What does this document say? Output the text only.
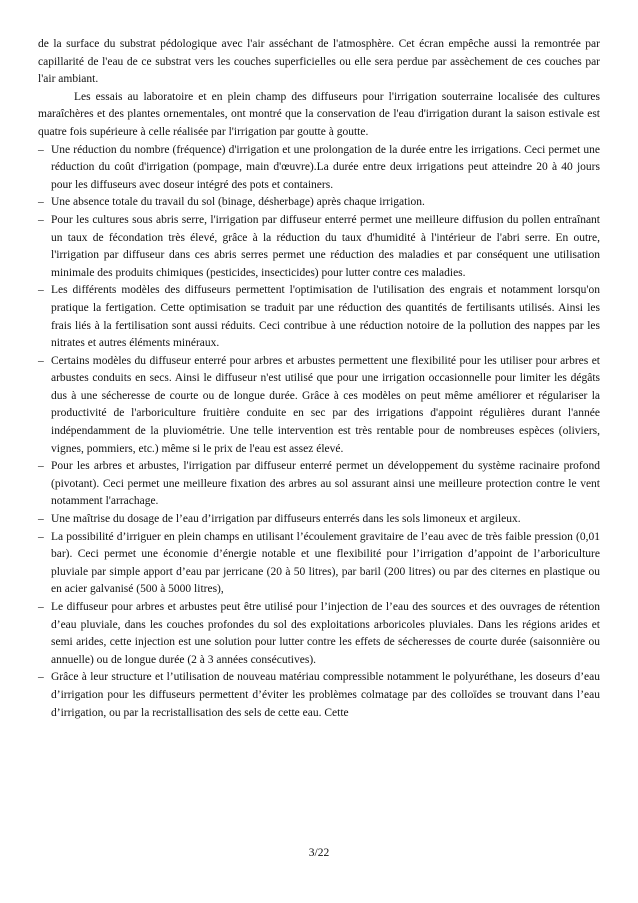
de la surface du substrat pédologique avec l'air asséchant de l'atmosphère. Cet écran empêche aussi la remontrée par capillarité de l'eau de ce substrat vers les couches superficielles ou elle sera perdue par assèchement de ces couches par l'air ambiant.

Les essais au laboratoire et en plein champ des diffuseurs pour l'irrigation souterraine localisée des cultures maraîchères et des plantes ornementales, ont montré que la conservation de l'eau d'irrigation durant la saison estivale est quatre fois supérieure à celle réalisée par l'irrigation par goutte à goutte.

– Une réduction du nombre (fréquence) d'irrigation et une prolongation de la durée entre les irrigations. Ceci permet une réduction du coût d'irrigation (pompage, main d'œuvre).La durée entre deux irrigations peut atteindre 20 à 40 jours pour les diffuseurs avec doseur intégré des pots et containers.
– Une absence totale du travail du sol (binage, désherbage) après chaque irrigation.
– Pour les cultures sous abris serre, l'irrigation par diffuseur enterré permet une meilleure diffusion du pollen entraînant un taux de fécondation très élevé, grâce à la réduction du taux d'humidité à l'intérieur de l'abri serre. En outre, l'irrigation par diffuseur dans ces abris serres permet une réduction des maladies et par conséquent une utilisation minimale des produits chimiques (pesticides, insecticides) pour lutter contre ces maladies.
– Les différents modèles des diffuseurs permettent l'optimisation de l'utilisation des engrais et notamment lorsqu'on pratique la fertigation. Cette optimisation se traduit par une réduction des quantités de fertilisants utilisés. Ainsi les frais liés à la fertilisation sont aussi réduits. Ceci contribue à une réduction notoire de la pollution des nappes par les nitrates et autres éléments minéraux.
– Certains modèles du diffuseur enterré pour arbres et arbustes permettent une flexibilité pour les utiliser pour arbres et arbustes conduits en secs. Ainsi le diffuseur n'est utilisé que pour une irrigation occasionnelle pour limiter les dégâts dus à une sécheresse de courte ou de longue durée. Grâce à ces modèles on peut même améliorer et régulariser la productivité de l'arboriculture fruitière conduite en sec par des irrigations d'appoint régulières durant l'année indépendamment de la pluviométrie. Une telle intervention est très rentable pour de nombreuses espèces (oliviers, vignes, pommiers, etc.) même si le prix de l'eau est assez élevé.
– Pour les arbres et arbustes, l'irrigation par diffuseur enterré permet un développement du système racinaire profond (pivotant). Ceci permet une meilleure fixation des arbres au sol assurant ainsi une meilleure protection contre le vent notamment l'arrachage.
– Une maîtrise du dosage de l’eau d’irrigation par diffuseurs enterrés dans les sols limoneux et argileux.
– La possibilité d’irriguer en plein champs en utilisant l’écoulement gravitaire de l’eau avec de très faible pression (0,01 bar). Ceci permet une économie d’énergie notable et une flexibilité pour l’irrigation d’appoint de l’arboriculture pluviale par simple apport d’eau par jerricane (20 à 50 litres), par baril (200 litres) ou par des citernes en plastique ou en acier galvanisé (500 à 5000 litres),
– Le diffuseur pour arbres et arbustes peut être utilisé pour l’injection de l’eau des sources et des ouvrages de rétention d’eau pluviale, dans les couches profondes du sol des exploitations arboricoles pluviales. Dans les régions arides et semi arides, cette injection est une solution pour lutter contre les effets de sécheresses de courte durée (saisonnière ou annuelle) ou de longue durée (2 à 3 années consécutives).
– Grâce à leur structure et l’utilisation de nouveau matériau compressible notamment le polyuréthane, les doseurs d’eau d’irrigation pour les diffuseurs permettent d’éviter les problèmes colmatage par des colloïdes se trouvant dans l’eau d’irrigation, ou par la recristallisation des sels de cette eau. Cette
3/22
